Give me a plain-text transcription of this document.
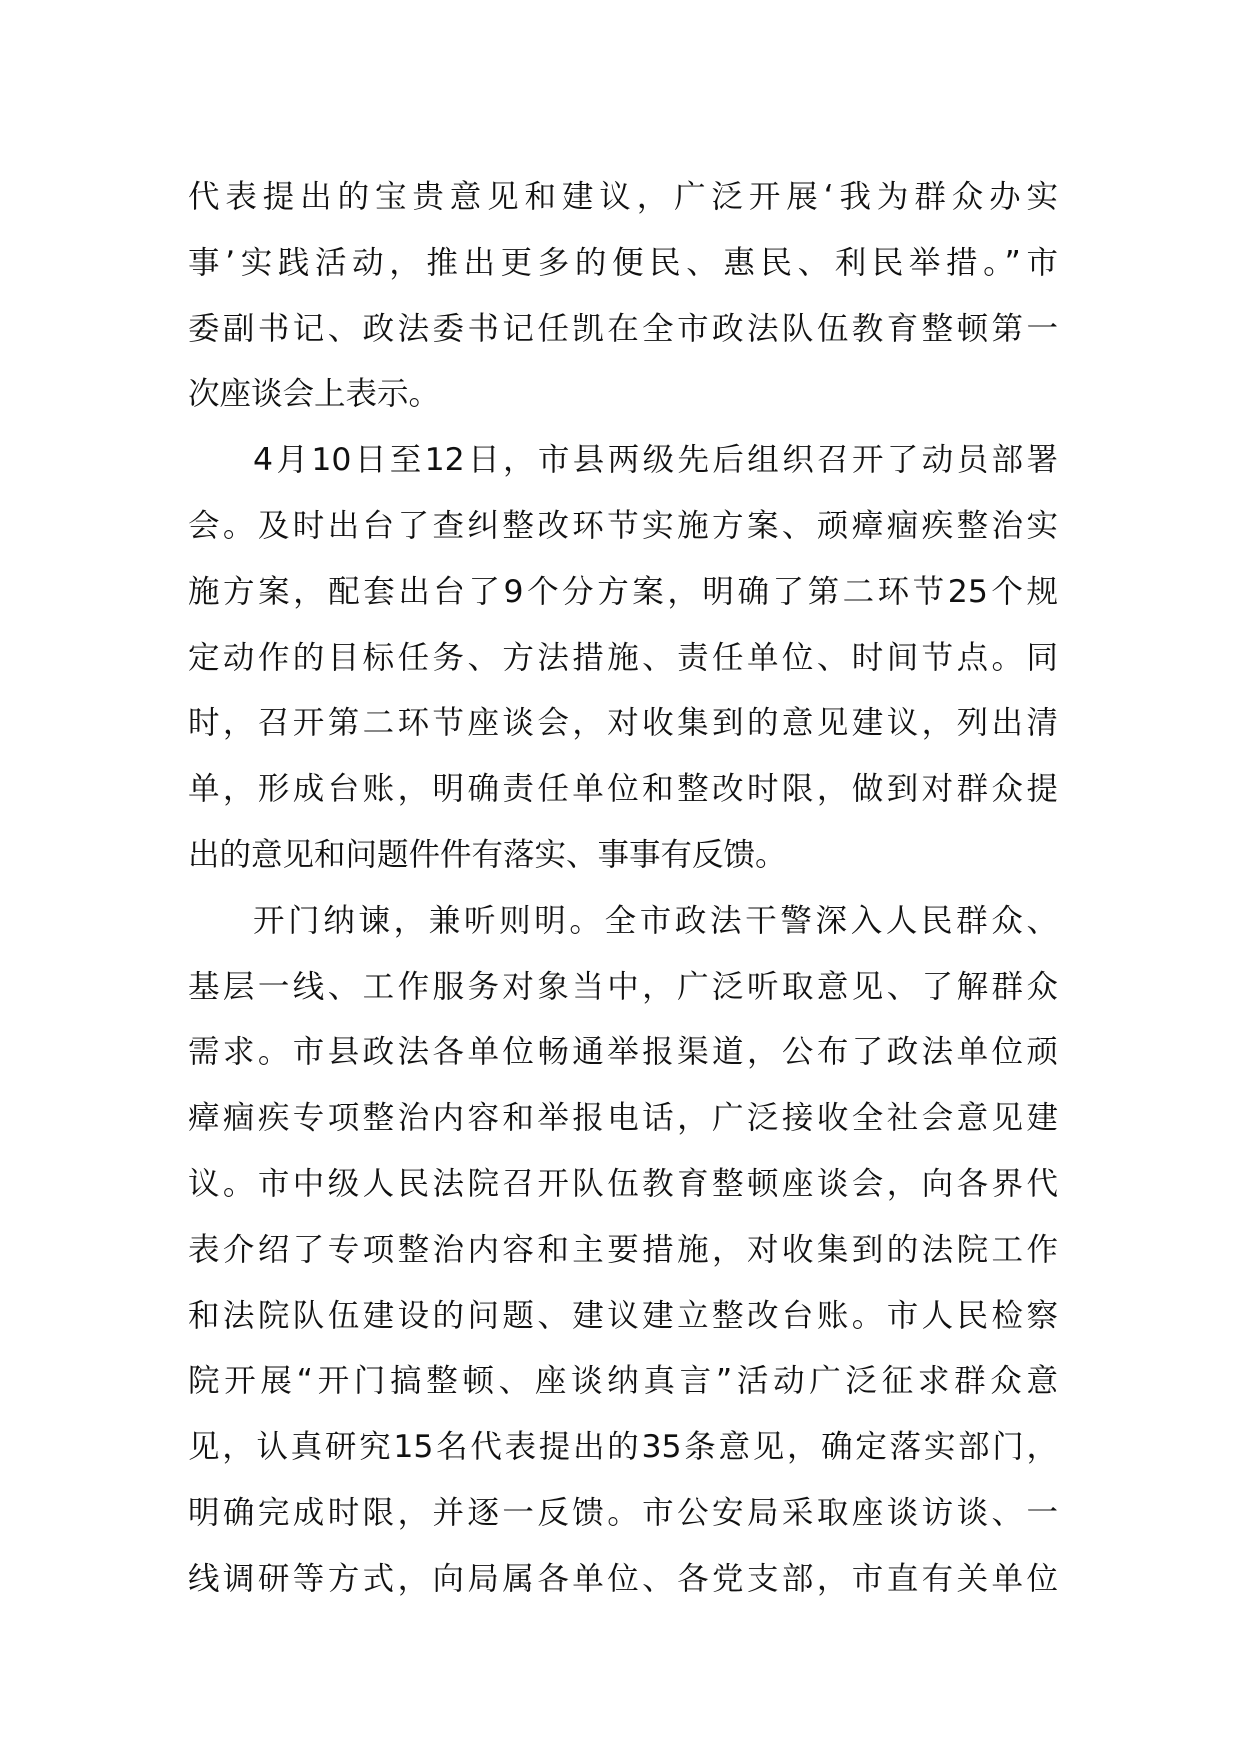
代表提出的宝贵意见和建议，广泛开展‘我为群众办实
事’实践活动，推出更多的便民、惠民、利民举措。”市
委副书记、政法委书记任凯在全市政法队伍教育整顿第一
次座谈会上表示。
4月10日至12日，市县两级先后组织召开了动员部署
会。及时出台了查纠整改环节实施方案、顽瘴痼疾整治实
施方案，配套出台了9个分方案，明确了第二环节25个规
定动作的目标任务、方法措施、责任单位、时间节点。同
时，召开第二环节座谈会，对收集到的意见建议，列出清
单，形成台账，明确责任单位和整改时限，做到对群众提
出的意见和问题件件有落实、事事有反馈。
开门纳谏，兼听则明。全市政法干警深入人民群众、
基层一线、工作服务对象当中，广泛听取意见、了解群众
需求。市县政法各单位畅通举报渠道，公布了政法单位顽
瘴痼疾专项整治内容和举报电话，广泛接收全社会意见建
议。市中级人民法院召开队伍教育整顿座谈会，向各界代
表介绍了专项整治内容和主要措施，对收集到的法院工作
和法院队伍建设的问题、建议建立整改台账。市人民检察
院开展“开门搞整顿、座谈纳真言”活动广泛征求群众意
见，认真研究15名代表提出的35条意见，确定落实部门，
明确完成时限，并逐一反馈。市公安局采取座谈访谈、一
线调研等方式，向局属各单位、各党支部，市直有关单位
